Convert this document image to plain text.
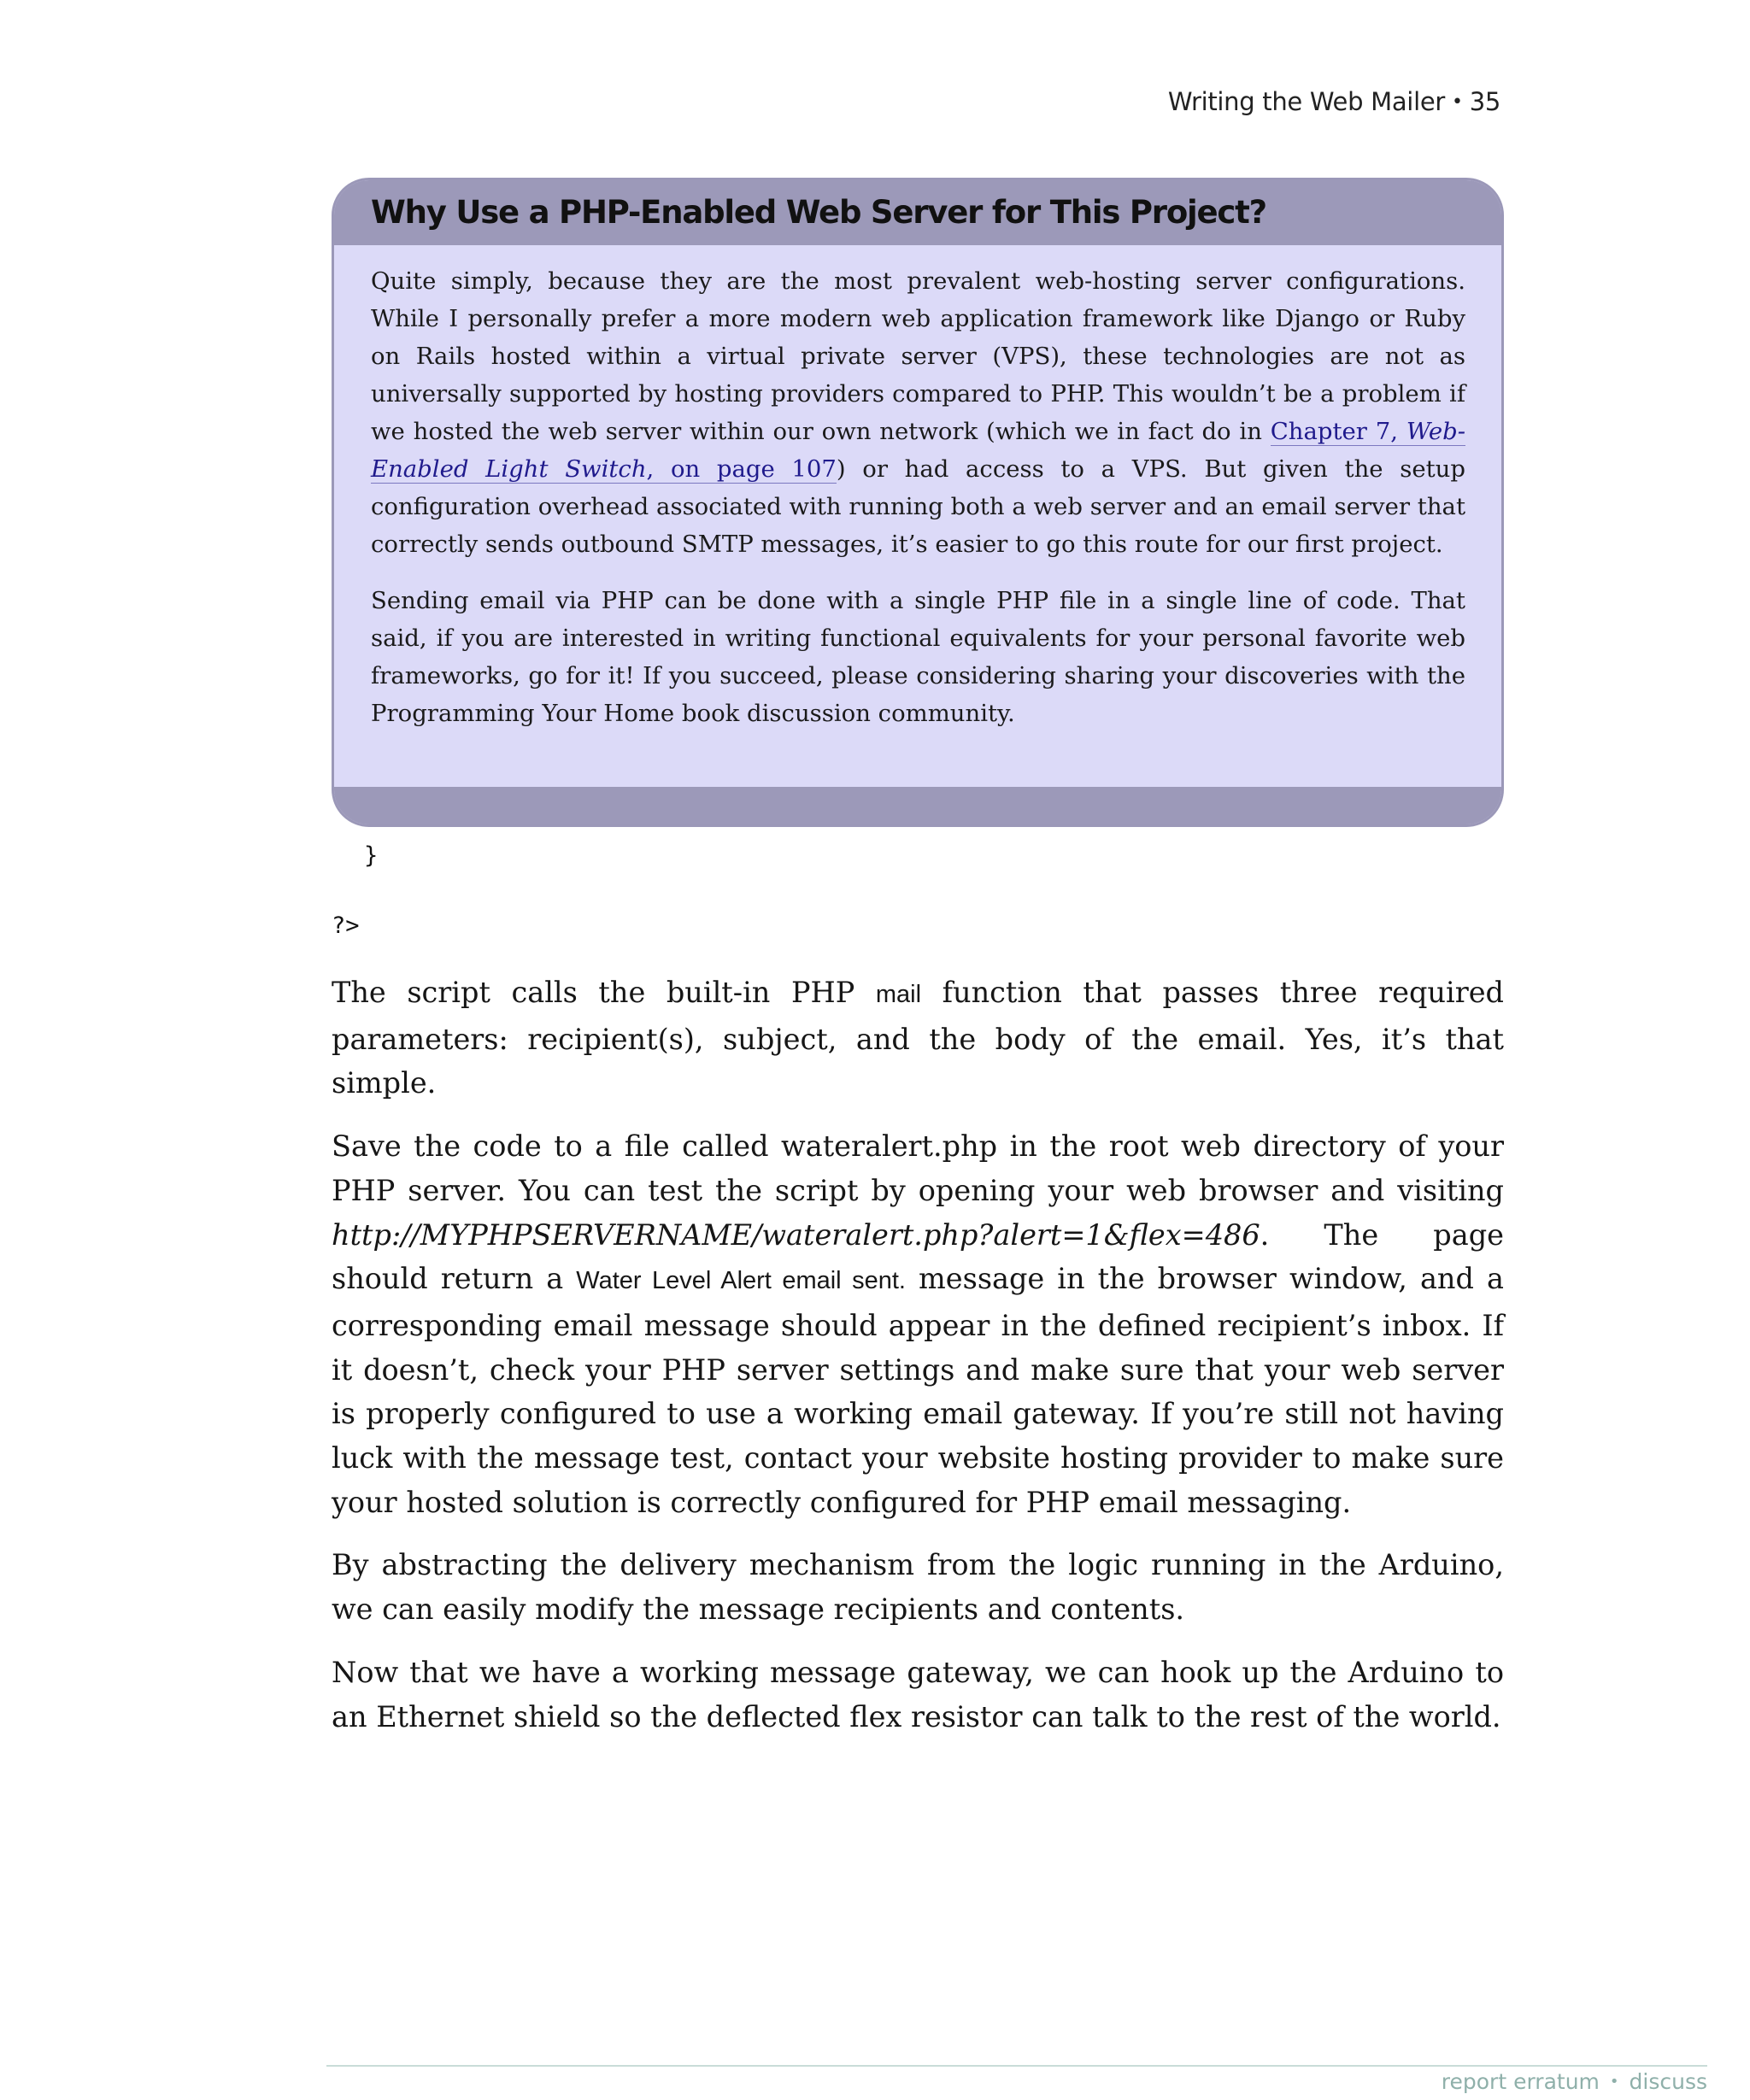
Writing the Web Mailer • 35
Why Use a PHP-Enabled Web Server for This Project?

Quite simply, because they are the most prevalent web-hosting server configurations. While I personally prefer a more modern web application framework like Django or Ruby on Rails hosted within a virtual private server (VPS), these technologies are not as universally supported by hosting providers compared to PHP. This wouldn’t be a problem if we hosted the web server within our own network (which we in fact do in Chapter 7, Web-Enabled Light Switch, on page 107) or had access to a VPS. But given the setup configuration overhead associated with running both a web server and an email server that correctly sends outbound SMTP messages, it’s easier to go this route for our first project.

Sending email via PHP can be done with a single PHP file in a single line of code. That said, if you are interested in writing functional equivalents for your personal favorite web frameworks, go for it! If you succeed, please considering sharing your discoveries with the Programming Your Home book discussion community.

}
?>

The script calls the built-in PHP mail function that passes three required parameters: recipient(s), subject, and the body of the email. Yes, it’s that simple.

Save the code to a file called wateralert.php in the root web directory of your PHP server. You can test the script by opening your web browser and visiting http://MYPHPSERVERNAME/wateralert.php?alert=1&flex=486. The page should return a Water Level Alert email sent. message in the browser window, and a corresponding email message should appear in the defined recipient’s inbox. If it doesn’t, check your PHP server settings and make sure that your web server is properly configured to use a working email gateway. If you’re still not having luck with the message test, contact your website hosting provider to make sure your hosted solution is correctly configured for PHP email messaging.

By abstracting the delivery mechanism from the logic running in the Arduino, we can easily modify the message recipients and contents.

Now that we have a working message gateway, we can hook up the Arduino to an Ethernet shield so the deflected flex resistor can talk to the rest of the world.

report erratum • discuss
